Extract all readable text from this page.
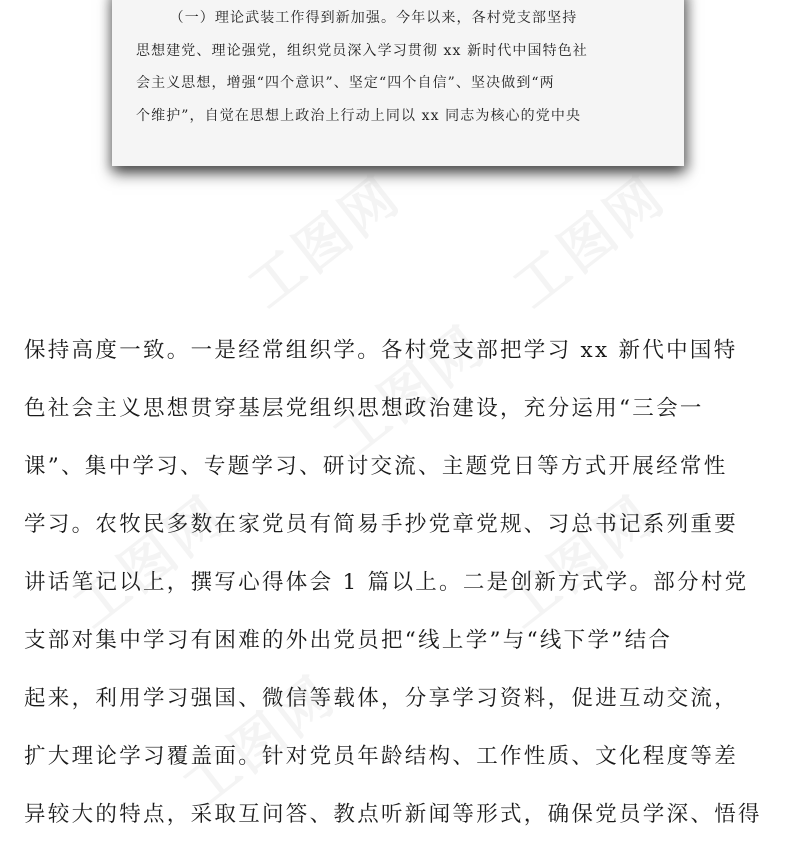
（一）理论武装工作得到新加强。今年以来，各村党支部坚持
思想建党、理论强党，组织党员深入学习贯彻 xx 新时代中国特色社
会主义思想，增强“四个意识”、坚定“四个自信”、坚决做到“两
个维护”，自觉在思想上政治上行动上同以 xx 同志为核心的党中央

工图网 工图网
工图网
工图网	工图网
工图网

保持高度一致。一是经常组织学。各村党支部把学习 xx 新代中国特
色社会主义思想贯穿基层党组织思想政治建设，充分运用“三会一
课”、集中学习、专题学习、研讨交流、主题党日等方式开展经常性
学习。农牧民多数在家党员有简易手抄党章党规、习总书记系列重要
讲话笔记以上，撰写心得体会 1 篇以上。二是创新方式学。部分村党
支部对集中学习有困难的外出党员把“线上学”与“线下学”结合
起来，利用学习强国、微信等载体，分享学习资料，促进互动交流，
扩大理论学习覆盖面。针对党员年龄结构、工作性质、文化程度等差
异较大的特点，采取互问答、教点听新闻等形式，确保党员学深、悟得
